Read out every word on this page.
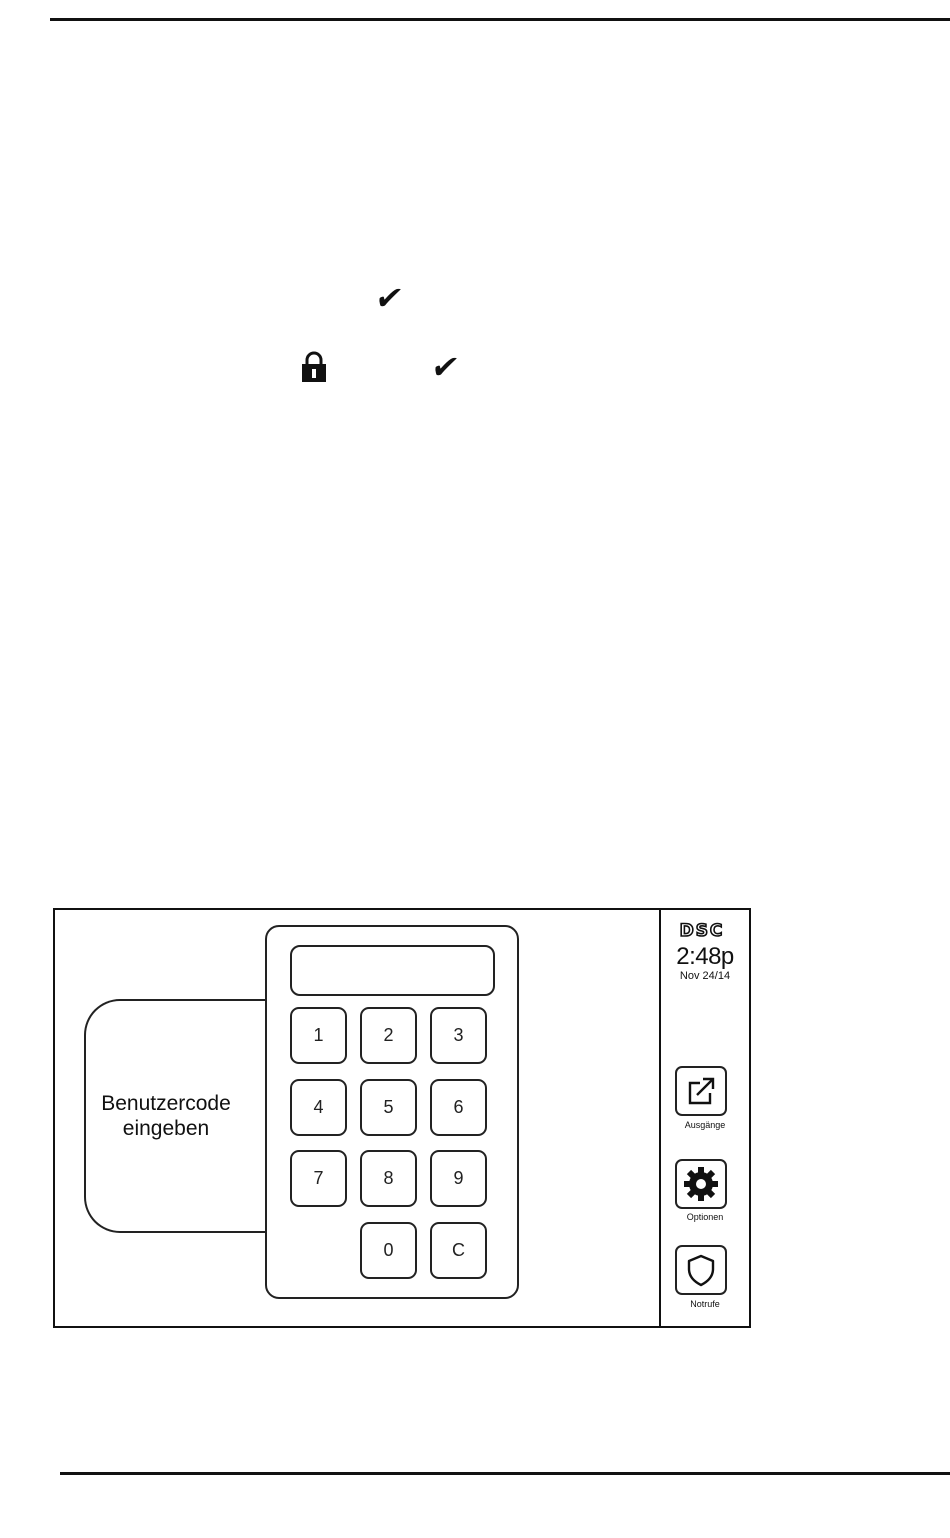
✔
✔
Benutzercode
eingeben
1	2	3
4	5	6
7	8	9
0	C
DSC
2:48p
Nov 24/14
Ausgänge
Optionen
Notrufe
